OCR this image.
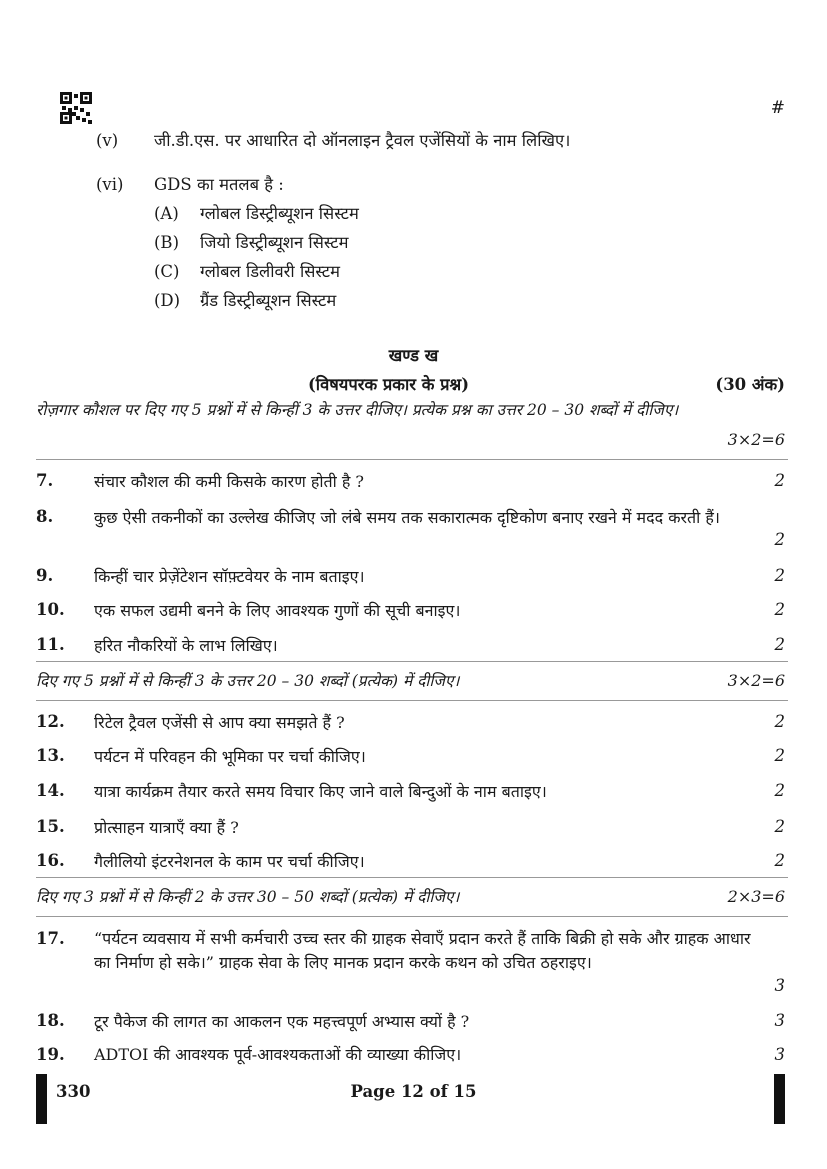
#
(v) जी.डी.एस. पर आधारित दो ऑनलाइन ट्रैवल एजेंसियों के नाम लिखिए।
(vi) GDS का मतलब है :
(A) ग्लोबल डिस्ट्रीब्यूशन सिस्टम
(B) जियो डिस्ट्रीब्यूशन सिस्टम
(C) ग्लोबल डिलीवरी सिस्टम
(D) ग्रैंड डिस्ट्रीब्यूशन सिस्टम
खण्ड ख
(विषयपरक प्रकार के प्रश्न)	(30 अंक)
रोज़गार कौशल पर दिए गए 5 प्रश्नों में से किन्हीं 3 के उत्तर दीजिए। प्रत्येक प्रश्न का उत्तर 20 – 30 शब्दों में दीजिए।
3×2=6
7.	संचार कौशल की कमी किसके कारण होती है ?	2
8.	कुछ ऐसी तकनीकों का उल्लेख कीजिए जो लंबे समय तक सकारात्मक दृष्टिकोण बनाए रखने में मदद करती हैं।
2
9.	किन्हीं चार प्रेज़ेंटेशन सॉफ़्टवेयर के नाम बताइए।	2
10. एक सफल उद्यमी बनने के लिए आवश्यक गुणों की सूची बनाइए।	2
11. हरित नौकरियों के लाभ लिखिए।	2
दिए गए 5 प्रश्नों में से किन्हीं 3 के उत्तर 20 – 30 शब्दों (प्रत्येक) में दीजिए।	3×2=6
12. रिटेल ट्रैवल एजेंसी से आप क्या समझते हैं ?	2
13. पर्यटन में परिवहन की भूमिका पर चर्चा कीजिए।	2
14. यात्रा कार्यक्रम तैयार करते समय विचार किए जाने वाले बिन्दुओं के नाम बताइए।	2
15. प्रोत्साहन यात्राएँ क्या हैं ?	2
16. गैलीलियो इंटरनेशनल के काम पर चर्चा कीजिए।	2
दिए गए 3 प्रश्नों में से किन्हीं 2 के उत्तर 30 – 50 शब्दों (प्रत्येक) में दीजिए।	2×3=6
17. “पर्यटन व्यवसाय में सभी कर्मचारी उच्च स्तर की ग्राहक सेवाएँ प्रदान करते हैं ताकि बिक्री हो सके और ग्राहक आधार का निर्माण हो सके।” ग्राहक सेवा के लिए मानक प्रदान करके कथन को उचित ठहराइए।
3
18. टूर पैकेज की लागत का आकलन एक महत्त्वपूर्ण अभ्यास क्यों है ?	3
19. ADTOI की आवश्यक पूर्व-आवश्यकताओं की व्याख्या कीजिए।	3
330	Page 12 of 15
